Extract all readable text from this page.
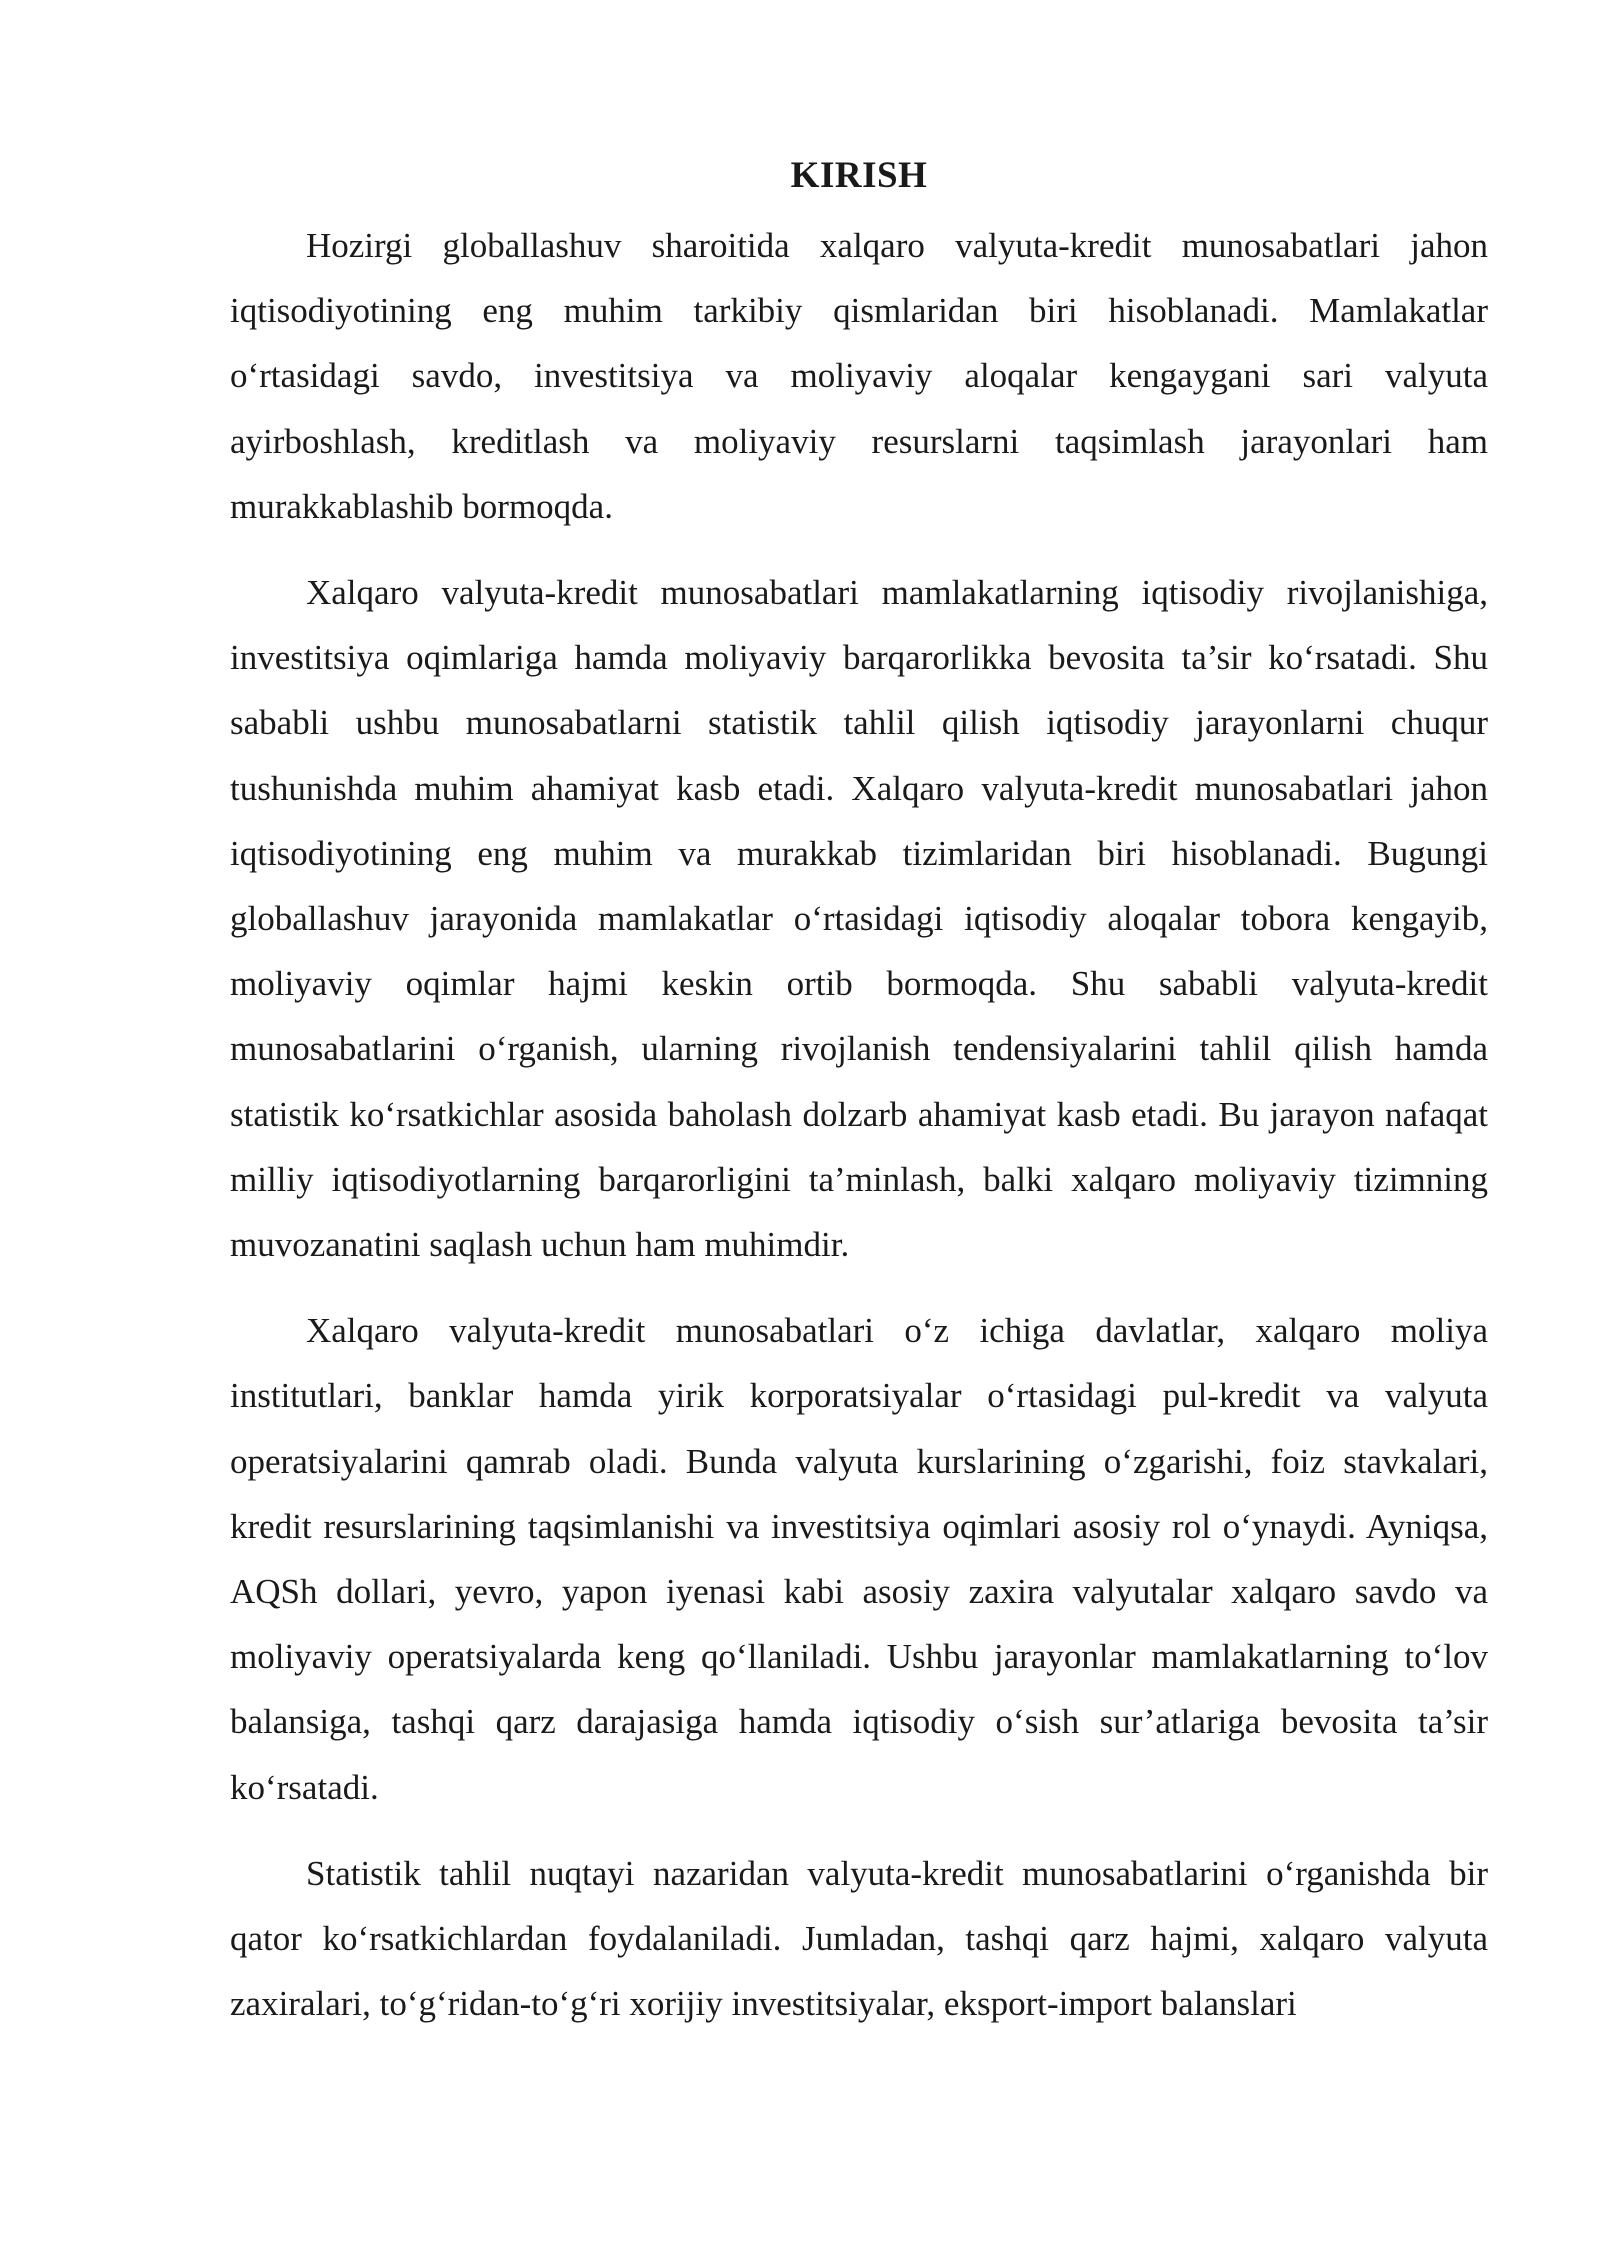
KIRISH

Hozirgi globallashuv sharoitida xalqaro valyuta-kredit munosabatlari jahon iqtisodiyotining eng muhim tarkibiy qismlaridan biri hisoblanadi. Mamlakatlar o‘rtasidagi savdo, investitsiya va moliyaviy aloqalar kengaygani sari valyuta ayirboshlash, kreditlash va moliyaviy resurslarni taqsimlash jarayonlari ham murakkablashib bormoqda.

Xalqaro valyuta-kredit munosabatlari mamlakatlarning iqtisodiy rivojlanishiga, investitsiya oqimlariga hamda moliyaviy barqarorlikka bevosita ta’sir ko‘rsatadi. Shu sababli ushbu munosabatlarni statistik tahlil qilish iqtisodiy jarayonlarni chuqur tushunishda muhim ahamiyat kasb etadi. Xalqaro valyuta-kredit munosabatlari jahon iqtisodiyotining eng muhim va murakkab tizimlaridan biri hisoblanadi. Bugungi globallashuv jarayonida mamlakatlar o‘rtasidagi iqtisodiy aloqalar tobora kengayib, moliyaviy oqimlar hajmi keskin ortib bormoqda. Shu sababli valyuta-kredit munosabatlarini o‘rganish, ularning rivojlanish tendensiyalarini tahlil qilish hamda statistik ko‘rsatkichlar asosida baholash dolzarb ahamiyat kasb etadi. Bu jarayon nafaqat milliy iqtisodiyotlarning barqarorligini ta’minlash, balki xalqaro moliyaviy tizimning muvozanatini saqlash uchun ham muhimdir.

Xalqaro valyuta-kredit munosabatlari o‘z ichiga davlatlar, xalqaro moliya institutlari, banklar hamda yirik korporatsiyalar o‘rtasidagi pul-kredit va valyuta operatsiyalarini qamrab oladi. Bunda valyuta kurslarining o‘zgarishi, foiz stavkalari, kredit resurslarining taqsimlanishi va investitsiya oqimlari asosiy rol o‘ynaydi. Ayniqsa, AQSh dollari, yevro, yapon iyenasi kabi asosiy zaxira valyutalar xalqaro savdo va moliyaviy operatsiyalarda keng qo‘llaniladi. Ushbu jarayonlar mamlakatlarning to‘lov balansiga, tashqi qarz darajasiga hamda iqtisodiy o‘sish sur’atlariga bevosita ta’sir ko‘rsatadi.

Statistik tahlil nuqtayi nazaridan valyuta-kredit munosabatlarini o‘rganishda bir qator ko‘rsatkichlardan foydalaniladi. Jumladan, tashqi qarz hajmi, xalqaro valyuta zaxiralari, to‘g‘ridan-to‘g‘ri xorijiy investitsiyalar, eksport-import balanslari
